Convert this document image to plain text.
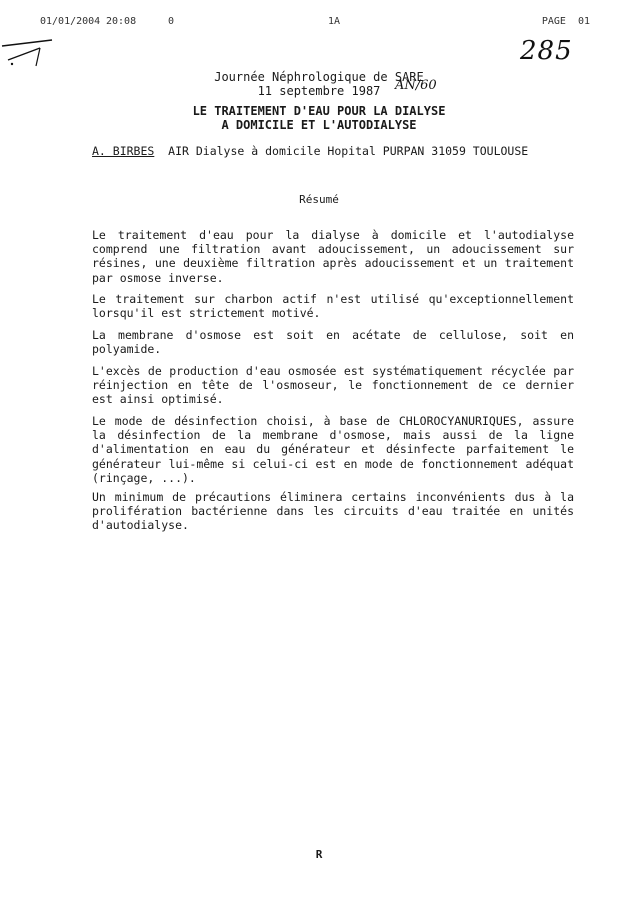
01/01/2004 20:08	0	1A	PAGE  01
285
AN/60
Journée Néphrologique de SARE
11 septembre 1987
LE TRAITEMENT D'EAU POUR LA DIALYSE
A DOMICILE ET L'AUTODIALYSE
A. BIRBES AIR Dialyse à domicile Hopital PURPAN 31059 TOULOUSE
Résumé

Le traitement d'eau pour la dialyse à domicile et l'autodialyse comprend une filtration avant adoucissement, un adoucissement sur résines, une deuxième filtration après adoucissement et un traitement par osmose inverse.

Le traitement sur charbon actif n'est utilisé qu'exceptionnellement lorsqu'il est strictement motivé.

La membrane d'osmose est soit en acétate de cellulose, soit en polyamide.

L'excès de production d'eau osmosée est systématiquement récyclée par réinjection en tête de l'osmoseur, le fonctionnement de ce dernier est ainsi optimisé.

Le mode de désinfection choisi, à base de CHLOROCYANURIQUES, assure la désinfection de la membrane d'osmose, mais aussi de la ligne d'alimentation en eau du générateur et désinfecte parfaitement le générateur lui-même si celui-ci est en mode de fonctionnement adéquat (rinçage, ...).

Un minimum de précautions éliminera certains inconvénients dus à la prolifération bactérienne dans les circuits d'eau traitée en unités d'autodialyse.

R
